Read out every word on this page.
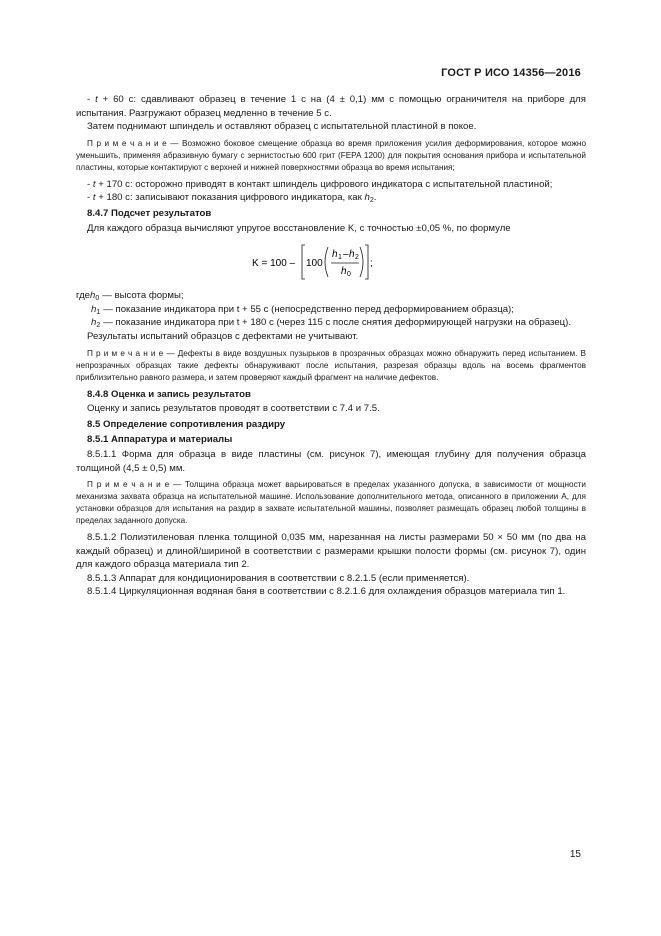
ГОСТ Р ИСО 14356—2016

- t + 60 с: сдавливают образец в течение 1 с на (4 ± 0,1) мм с помощью ограничителя на приборе для испытания. Разгружают образец медленно в течение 5 с.

Затем поднимают шпиндель и оставляют образец с испытательной пластиной в покое.

П р и м е ч а н и е — Возможно боковое смещение образца во время приложения усилия деформирования, которое можно уменьшить, применяя абразивную бумагу с зернистостью 600 грит (FEPA 1200) для покрытия основания прибора и испытательной пластины, которые контактируют с верхней и нижней поверхностями образца во время испытания;

- t + 170 с: осторожно приводят в контакт шпиндель цифрового индикатора с испытательной пластиной;

- t + 180 с: записывают показания цифрового индикатора, как $h_2$.

8.4.7 Подсчет результатов

Для каждого образца вычисляют упругое восстановление K, с точностью ±0,05 %, по формуле

K = 100 – 100
h 1 – h 2
h 0
;
где $h_0$ — высота формы;
$h_1$ — показание индикатора при t + 55 с (непосредственно перед деформированием образца);
$h_2$ — показание индикатора при t + 180 с (через 115 с после снятия деформирующей нагрузки на образец).

Результаты испытаний образцов с дефектами не учитывают.

П р и м е ч а н и е — Дефекты в виде воздушных пузырьков в прозрачных образцах можно обнаружить перед испытанием. В непрозрачных образцах такие дефекты обнаруживают после испытания, разрезая образцы вдоль на восемь фрагментов приблизительно равного размера, и затем проверяют каждый фрагмент на наличие дефектов.

8.4.8 Оценка и запись результатов

Оценку и запись результатов проводят в соответствии с 7.4 и 7.5.

8.5 Определение сопротивления раздиру

8.5.1 Аппаратура и материалы

8.5.1.1 Форма для образца в виде пластины (см. рисунок 7), имеющая глубину для получения образца толщиной (4,5 ± 0,5) мм.

П р и м е ч а н и е — Толщина образца может варьироваться в пределах указанного допуска, в зависимости от мощности механизма захвата образца на испытательной машине. Использование дополнительного метода, описанного в приложении А, для установки образцов для испытания на раздир в захвате испытательной машины, позволяет размещать образец любой толщины в пределах заданного допуска.

8.5.1.2 Полиэтиленовая пленка толщиной 0,035 мм, нарезанная на листы размерами 50 × 50 мм (по два на каждый образец) и длиной/шириной в соответствии с размерами крышки полости формы (см. рисунок 7), один для каждого образца материала тип 2.

8.5.1.3 Аппарат для кондиционирования в соответствии с 8.2.1.5 (если применяется).

8.5.1.4 Циркуляционная водяная баня в соответствии с 8.2.1.6 для охлаждения образцов материала тип 1.

15
